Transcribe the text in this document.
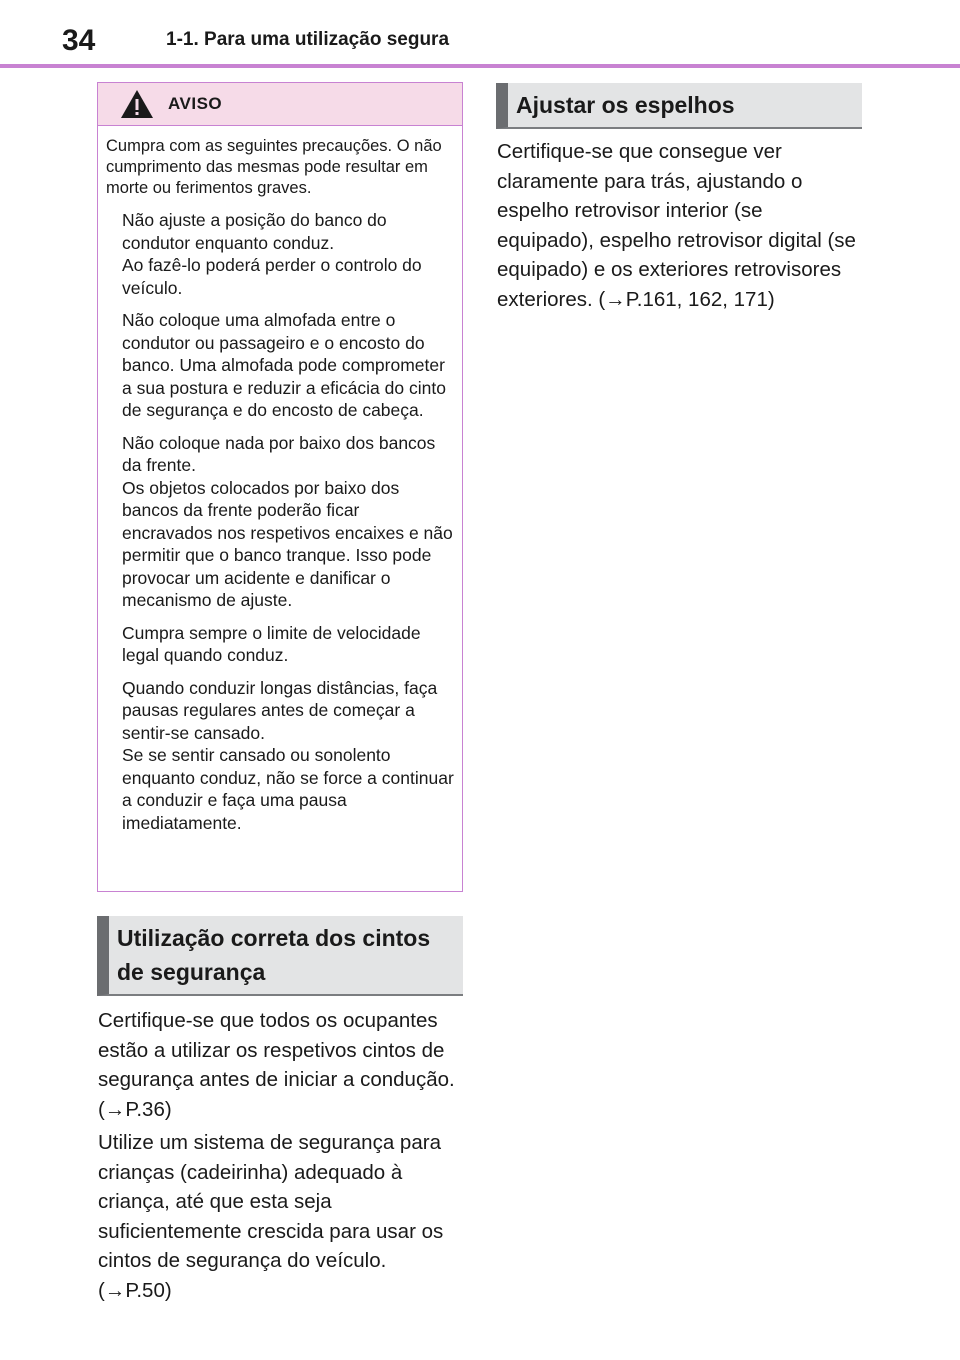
34	1-1. Para uma utilização segura
AVISO
Cumpra com as seguintes precauções. O não cumprimento das mesmas pode resultar em morte ou ferimentos graves.
Não ajuste a posição do banco do condutor enquanto conduz.
Ao fazê-lo poderá perder o controlo do veículo.
Não coloque uma almofada entre o condutor ou passageiro e o encosto do banco. Uma almofada pode comprometer a sua postura e reduzir a eficácia do cinto de segurança e do encosto de cabeça.
Não coloque nada por baixo dos bancos da frente.
Os objetos colocados por baixo dos bancos da frente poderão ficar encravados nos respetivos encaixes e não permitir que o banco tranque. Isso pode provocar um acidente e danificar o mecanismo de ajuste.
Cumpra sempre o limite de velocidade legal quando conduz.
Quando conduzir longas distâncias, faça pausas regulares antes de começar a sentir-se cansado.
Se se sentir cansado ou sonolento enquanto conduz, não se force a continuar a conduzir e faça uma pausa imediatamente.
Utilização correta dos cintos de segurança

Certifique-se que todos os ocupantes estão a utilizar os respetivos cintos de segurança antes de iniciar a condução. (→P.36)

Utilize um sistema de segurança para crianças (cadeirinha) adequado à criança, até que esta seja suficientemente crescida para usar os cintos de segurança do veículo. (→P.50)

Ajustar os espelhos

Certifique-se que consegue ver claramente para trás, ajustando o espelho retrovisor interior (se equipado), espelho retrovisor digital (se equipado) e os exteriores retrovisores exteriores. (→P.161, 162, 171)
